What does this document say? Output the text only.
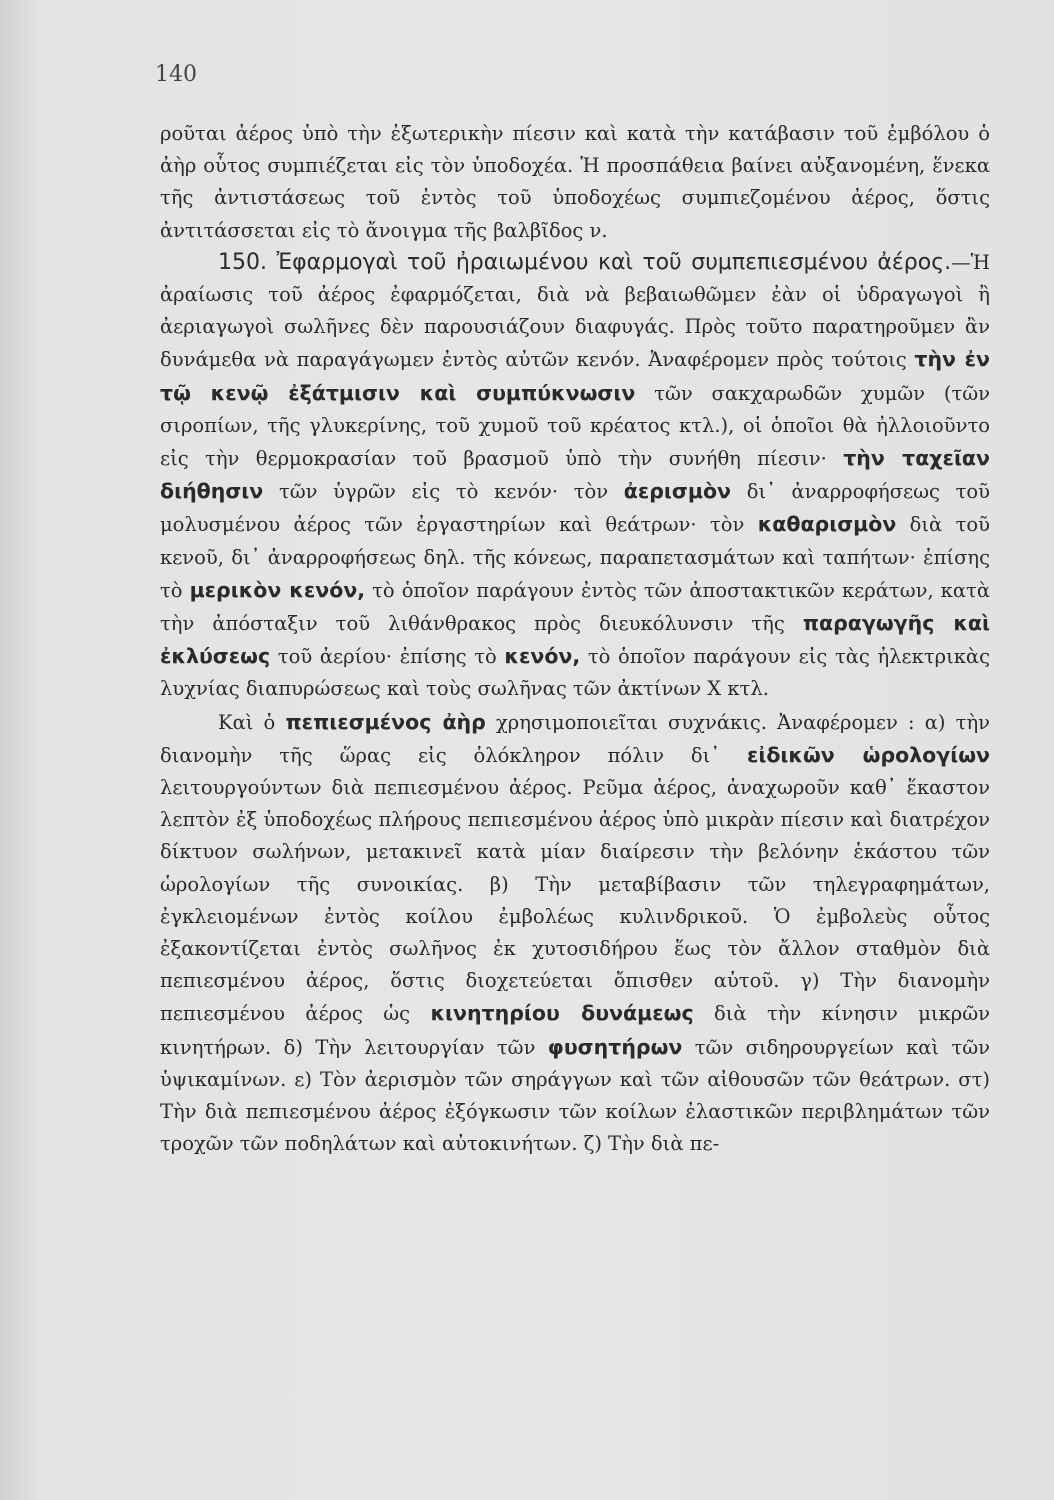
140

ροῦται ἀέρος ὑπὸ τὴν ἐξωτερικὴν πίεσιν καὶ κατὰ τὴν κατάβασιν τοῦ ἐμβόλου ὁ ἀὴρ οὗτος συμπιέζεται εἰς τὸν ὑποδοχέα. Ἡ προσπάθεια βαίνει αὐξανομένη, ἕνεκα τῆς ἀντιστάσεως τοῦ ἐντὸς τοῦ ὑποδοχέως συμπιεζομένου ἀέρος, ὅστις ἀντιτάσσεται εἰς τὸ ἄνοιγμα τῆς βαλβῖδος ν.

150. Ἐφαρμογαὶ τοῦ ἠραιωμένου καὶ τοῦ συμπεπιεσμένου ἀέρος.—Ἡ ἀραίωσις τοῦ ἀέρος ἐφαρμόζεται, διὰ νὰ βεβαιωθῶμεν ἐὰν οἱ ὑδραγωγοὶ ἢ ἀεριαγωγοὶ σωλῆνες δὲν παρουσιάζουν διαφυγάς. Πρὸς τοῦτο παρατηροῦμεν ἂν δυνάμεθα νὰ παραγάγωμεν ἐντὸς αὐτῶν κενόν. Ἀναφέρομεν πρὸς τούτοις τὴν ἐν τῷ κενῷ ἐξάτμισιν καὶ συμπύκνωσιν τῶν σακχαρωδῶν χυμῶν (τῶν σιροπίων, τῆς γλυκερίνης, τοῦ χυμοῦ τοῦ κρέατος κτλ.), οἱ ὁποῖοι θὰ ἠλλοιοῦντο εἰς τὴν θερμοκρασίαν τοῦ βρασμοῦ ὑπὸ τὴν συνήθη πίεσιν· τὴν ταχεῖαν διήθησιν τῶν ὑγρῶν εἰς τὸ κενόν· τὸν ἀερισμὸν δι᾿ ἀναρροφήσεως τοῦ μολυσμένου ἀέρος τῶν ἐργαστηρίων καὶ θεάτρων· τὸν καθαρισμὸν διὰ τοῦ κενοῦ, δι᾿ ἀναρροφήσεως δηλ. τῆς κόνεως, παραπετασμάτων καὶ ταπήτων· ἐπίσης τὸ μερικὸν κενόν, τὸ ὁποῖον παράγουν ἐντὸς τῶν ἀποστακτικῶν κεράτων, κατὰ τὴν ἀπόσταξιν τοῦ λιθάνθρακος πρὸς διευκόλυνσιν τῆς παραγωγῆς καὶ ἐκλύσεως τοῦ ἀερίου· ἐπίσης τὸ κενόν, τὸ ὁποῖον παράγουν εἰς τὰς ἠλεκτρικὰς λυχνίας διαπυρώσεως καὶ τοὺς σωλῆνας τῶν ἀκτίνων Χ κτλ.

Καὶ ὁ πεπιεσμένος ἀὴρ χρησιμοποιεῖται συχνάκις. Ἀναφέρομεν : α) τὴν διανομὴν τῆς ὥρας εἰς ὁλόκληρον πόλιν δι᾿ εἰδικῶν ὡρολογίων λειτουργούντων διὰ πεπιεσμένου ἀέρος. Ρεῦμα ἀέρος, ἀναχωροῦν καθ᾿ ἕκαστον λεπτὸν ἐξ ὑποδοχέως πλήρους πεπιεσμένου ἀέρος ὑπὸ μικρὰν πίεσιν καὶ διατρέχον δίκτυον σωλήνων, μετακινεῖ κατὰ μίαν διαίρεσιν τὴν βελόνην ἑκάστου τῶν ὡρολογίων τῆς συνοικίας. β) Τὴν μεταβίβασιν τῶν τηλεγραφημάτων, ἐγκλειομένων ἐντὸς κοίλου ἐμβολέως κυλινδρικοῦ. Ὁ ἐμβολεὺς οὗτος ἐξακοντίζεται ἐντὸς σωλῆνος ἐκ χυτοσιδήρου ἕως τὸν ἄλλον σταθμὸν διὰ πεπιεσμένου ἀέρος, ὅστις διοχετεύεται ὄπισθεν αὐτοῦ. γ) Τὴν διανομὴν πεπιεσμένου ἀέρος ὡς κινητηρίου δυνάμεως διὰ τὴν κίνησιν μικρῶν κινητήρων. δ) Τὴν λειτουργίαν τῶν φυσητήρων τῶν σιδηρουργείων καὶ τῶν ὑψικαμίνων. ε) Τὸν ἀερισμὸν τῶν σηράγγων καὶ τῶν αἰθουσῶν τῶν θεάτρων. στ) Τὴν διὰ πεπιεσμένου ἀέρος ἐξόγκωσιν τῶν κοίλων ἐλαστικῶν περιβλημάτων τῶν τροχῶν τῶν ποδηλάτων καὶ αὐτοκινήτων. ζ) Τὴν διὰ πε-
